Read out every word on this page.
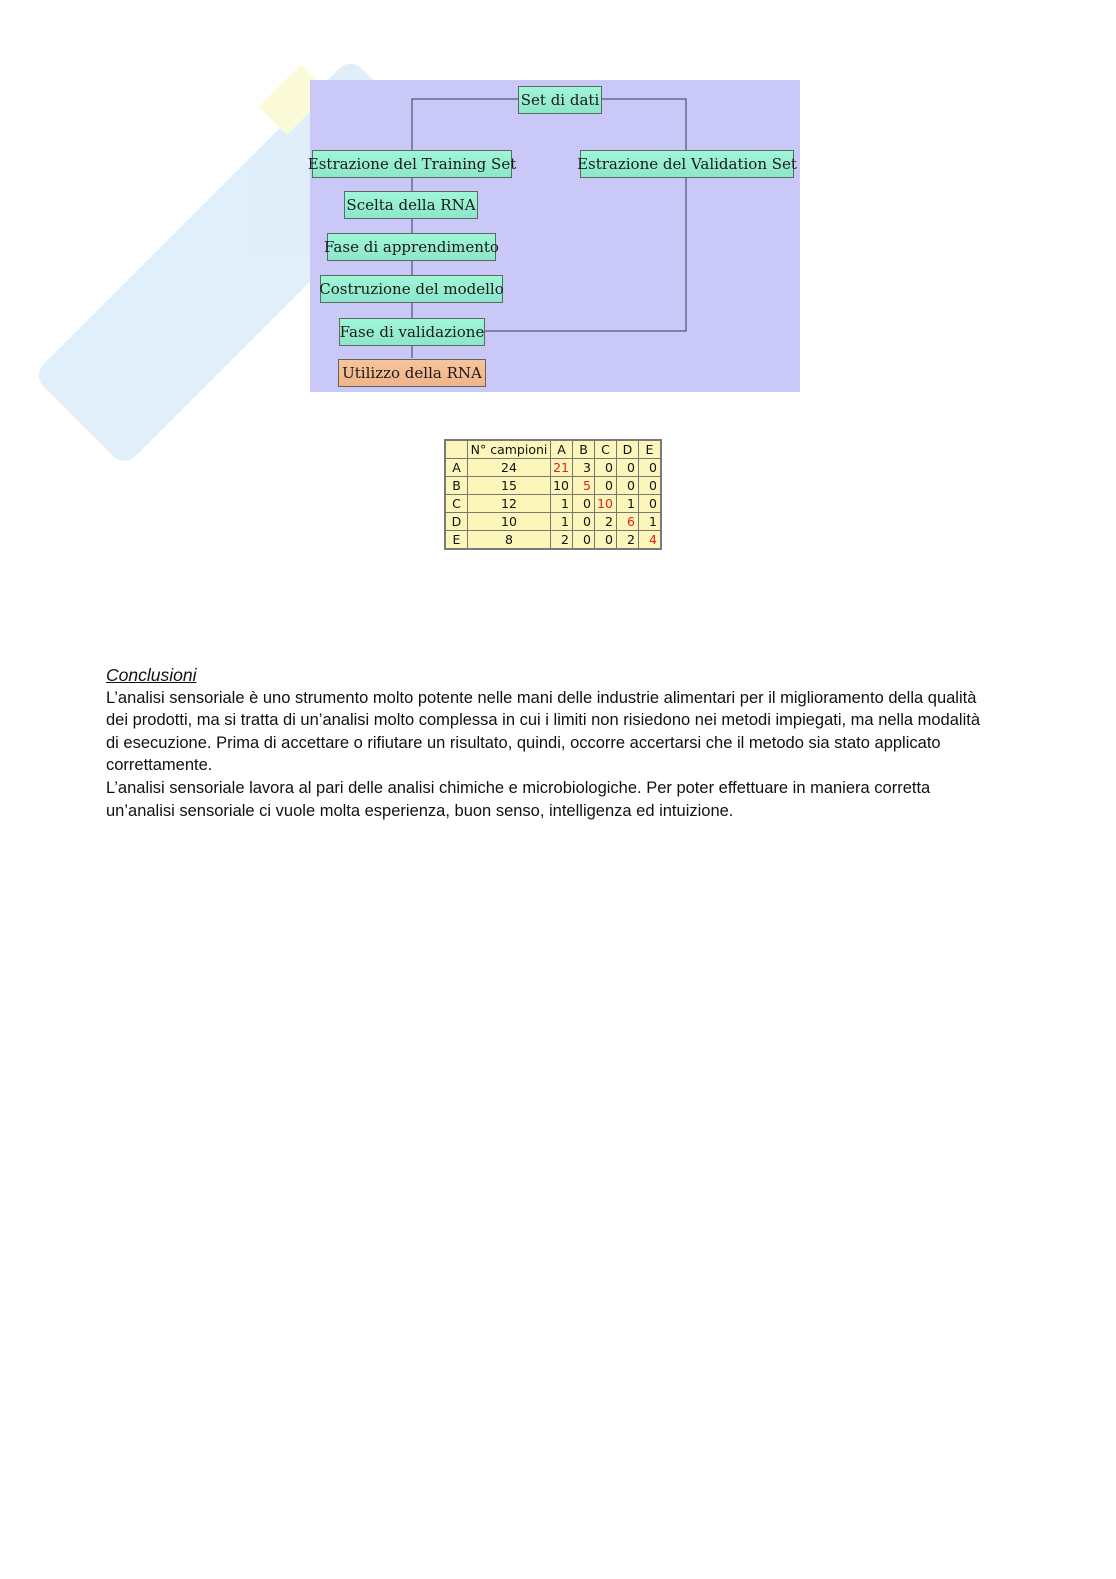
Set di dati
Estrazione del Training Set	Estrazione del Validation Set
Scelta della RNA
Fase di apprendimento
Costruzione del modello
Fase di validazione
Utilizzo della RNA
	N° campioni	A	B	C	D	E
A	24	21	3	0	0	0
B	15	10	5	0	0	0
C	12	1	0	10	1	0
D	10	1	0	2	6	1
E	8	2	0	0	2	4

Conclusioni

L’analisi sensoriale è uno strumento molto potente nelle mani delle industrie alimentari per il miglioramento della qualità dei prodotti, ma si tratta di un’analisi molto complessa in cui i limiti non risiedono nei metodi impiegati, ma nella modalità di esecuzione. Prima di accettare o rifiutare un risultato, quindi, occorre accertarsi che il metodo sia stato applicato correttamente.

L’analisi sensoriale lavora al pari delle analisi chimiche e microbiologiche. Per poter effettuare in maniera corretta un’analisi sensoriale ci vuole molta esperienza, buon senso, intelligenza ed intuizione.
